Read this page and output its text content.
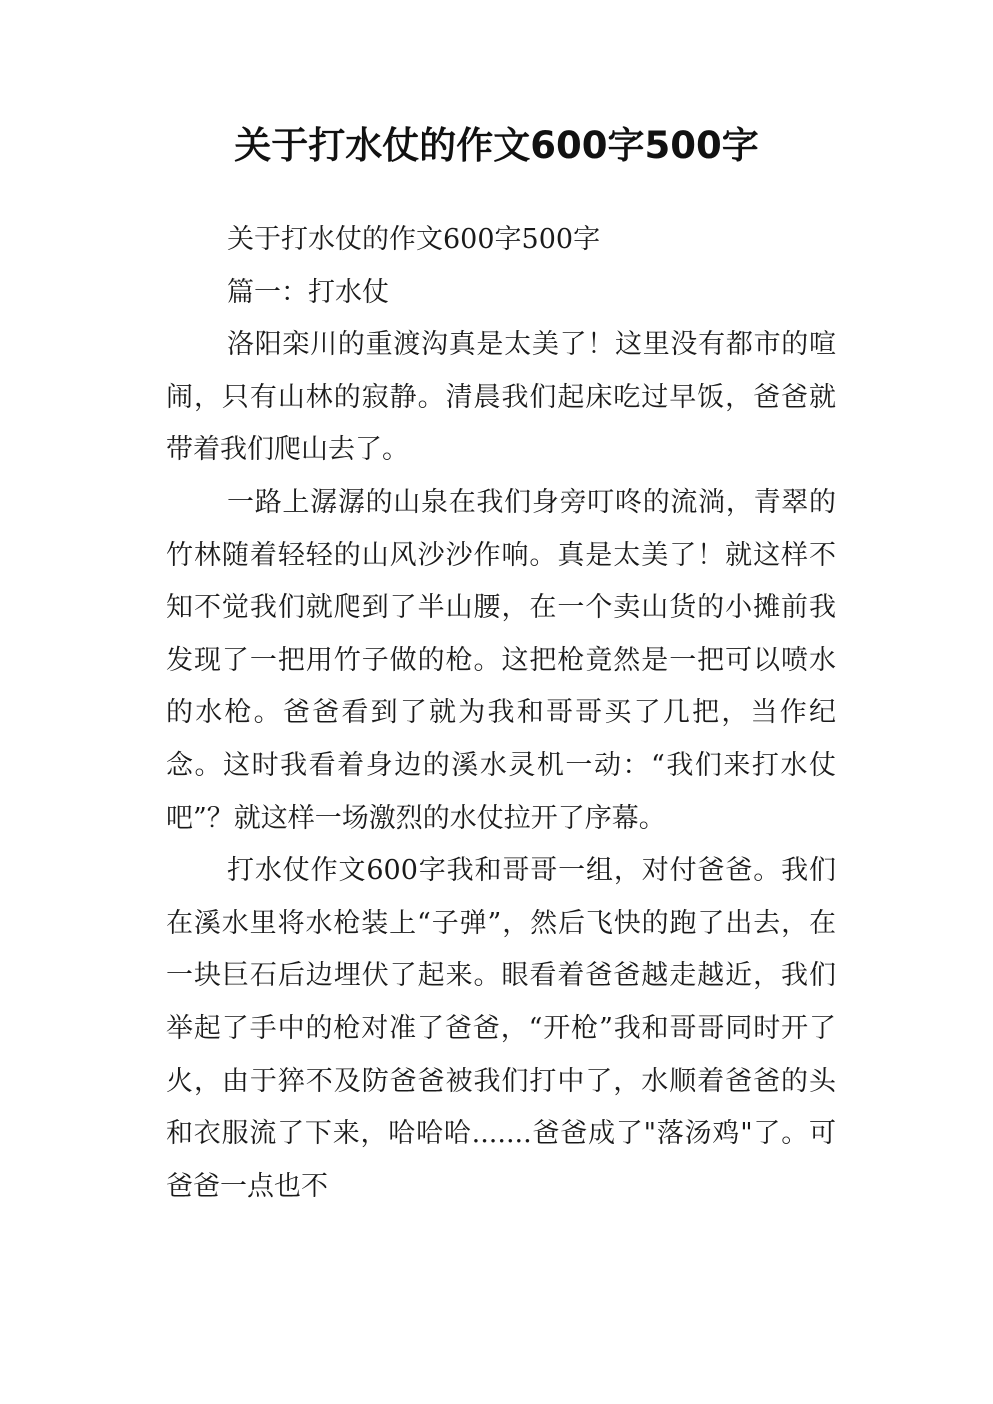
关于打水仗的作文600字500字

关于打水仗的作文600字500字

篇一：打水仗

洛阳栾川的重渡沟真是太美了！这里没有都市的喧闹，只有山林的寂静。清晨我们起床吃过早饭，爸爸就带着我们爬山去了。

一路上潺潺的山泉在我们身旁叮咚的流淌，青翠的竹林随着轻轻的山风沙沙作响。真是太美了！就这样不知不觉我们就爬到了半山腰，在一个卖山货的小摊前我发现了一把用竹子做的枪。这把枪竟然是一把可以喷水的水枪。爸爸看到了就为我和哥哥买了几把，当作纪念。这时我看着身边的溪水灵机一动：“我们来打水仗吧”？就这样一场激烈的水仗拉开了序幕。

打水仗作文600字我和哥哥一组，对付爸爸。我们在溪水里将水枪装上“子弹”，然后飞快的跑了出去，在一块巨石后边埋伏了起来。眼看着爸爸越走越近，我们举起了手中的枪对准了爸爸，“开枪”我和哥哥同时开了火，由于猝不及防爸爸被我们打中了，水顺着爸爸的头和衣服流了下来，哈哈哈.......爸爸成了"落汤鸡"了。可爸爸一点也不
